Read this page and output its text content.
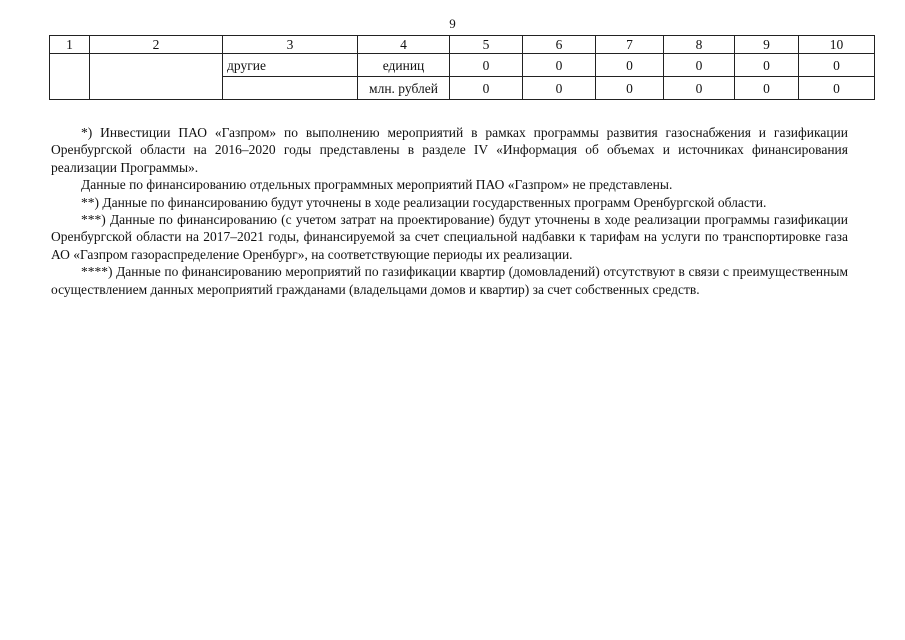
9
1	2	3	4	5	6	7	8	9	10
		другие	единиц	0	0	0	0	0	0
			млн. рублей	0	0	0	0	0	0

*) Инвестиции ПАО «Газпром» по выполнению мероприятий в рамках программы развития газоснабжения и газификации Оренбургской области на 2016–2020 годы представлены в разделе IV «Информация об объемах и источниках финансирования реализации Программы».

Данные по финансированию отдельных программных мероприятий ПАО «Газпром» не представлены.

**) Данные по финансированию будут уточнены в ходе реализации государственных программ Оренбургской области.

***) Данные по финансированию (с учетом затрат на проектирование) будут уточнены в ходе реализации программы газификации Оренбургской области на 2017–2021 годы, финансируемой за счет специальной надбавки к тарифам на услуги по транспортировке газа АО «Газпром газораспределение Оренбург», на соответствующие периоды их реализации.

****) Данные по финансированию мероприятий по газификации квартир (домовладений) отсутствуют в связи с преимущественным осуществлением данных мероприятий гражданами (владельцами домов и квартир) за счет собственных средств.
